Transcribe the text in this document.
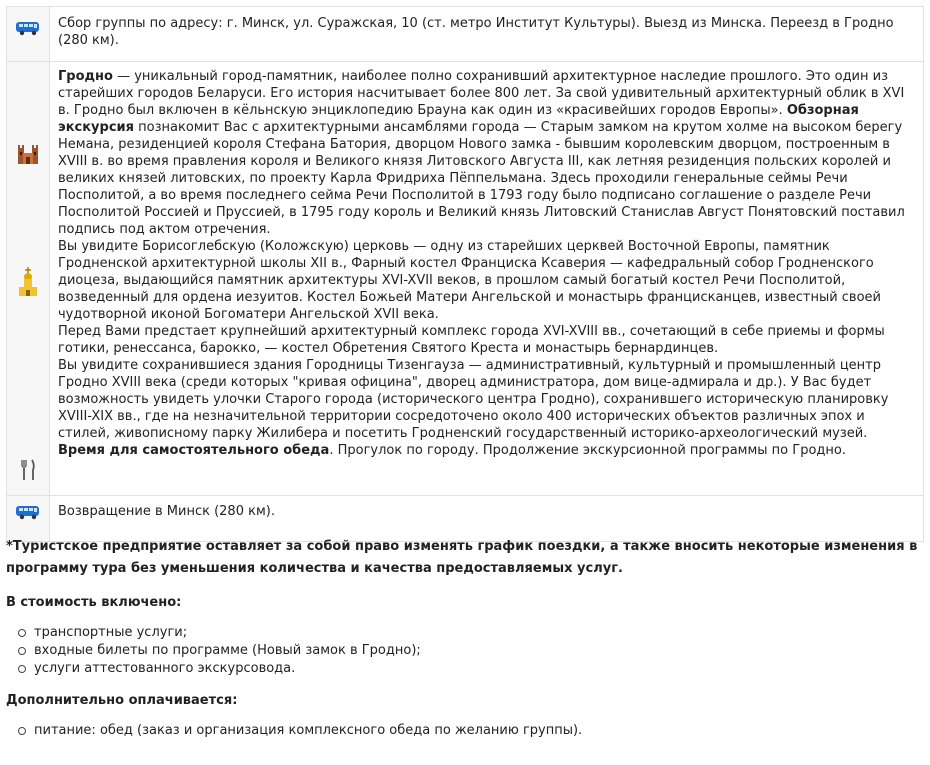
	Сбор группы по адресу: г. Минск, ул. Суражская, 10 (ст. метро Институт Культуры). Выезд из Минска. Переезд в Гродно (280 км).

Гродно — уникальный город-памятник, наиболее полно сохранивший архитектурное наследие прошлого. Это один из старейших городов Беларуси. Его история насчитывает более 800 лет. За свой удивительный архитектурный облик в XVI в. Гродно был включен в кёльнскую энциклопедию Брауна как один из «красивейших городов Европы». Обзорная экскурсия познакомит Вас с архитектурными ансамблями города — Старым замком на крутом холме на высоком берегу Немана, резиденцией короля Стефана Батория, дворцом Нового замка - бывшим королевским дворцом, построенным в XVIII в. во время правления короля и Великого князя Литовского Августа III, как летняя резиденция польских королей и великих князей литовских, по проекту Карла Фридриха Пёппельмана. Здесь проходили генеральные сеймы Речи Посполитой, а во время последнего сейма Речи Посполитой в 1793 году было подписано соглашение о разделе Речи Посполитой Россией и Пруссией, в 1795 году король и Великий князь Литовский Станислав Август Понятовский поставил подпись под актом отречения.

Вы увидите Борисоглебскую (Коложскую) церковь — одну из старейших церквей Восточной Европы, памятник Гродненской архитектурной школы XII в., Фарный костел Франциска Ксаверия — кафедральный собор Гродненского диоцеза, выдающийся памятник архитектуры XVI-XVII веков, в прошлом самый богатый костел Речи Посполитой, возведенный для ордена иезуитов. Костел Божьей Матери Ангельской и монастырь францисканцев, известный своей чудотворной иконой Богоматери Ангельской XVII века.

Перед Вами предстает крупнейший архитектурный комплекс города XVI-XVIII вв., сочетающий в себе приемы и формы готики, ренессанса, барокко, — костел Обретения Святого Креста и монастырь бернардинцев.

Вы увидите сохранившиеся здания Городницы Тизенгауза — административный, культурный и промышленный центр Гродно XVIII века (среди которых "кривая официна", дворец администратора, дом вице-адмирала и др.). У Вас будет возможность увидеть улочки Старого города (исторического центра Гродно), сохранившего историческую планировку XVIII-XIX вв., где на незначительной территории сосредоточено около 400 исторических объектов различных эпох и стилей, живописному парку Жилибера и посетить Гродненский государственный историко-археологический музей.

Время для самостоятельного обеда. Прогулок по городу. Продолжение экскурсионной программы по Гродно.

	Возвращение в Минск (280 км).

*Туристское предприятие оставляет за собой право изменять график поездки, а также вносить некоторые изменения в программу тура без уменьшения количества и качества предоставляемых услуг.

В стоимость включено:
транспортные услуги;
входные билеты по программе (Новый замок в Гродно);
услуги аттестованного экскурсовода.
Дополнительно оплачивается:
питание: обед (заказ и организация комплексного обеда по желанию группы).
